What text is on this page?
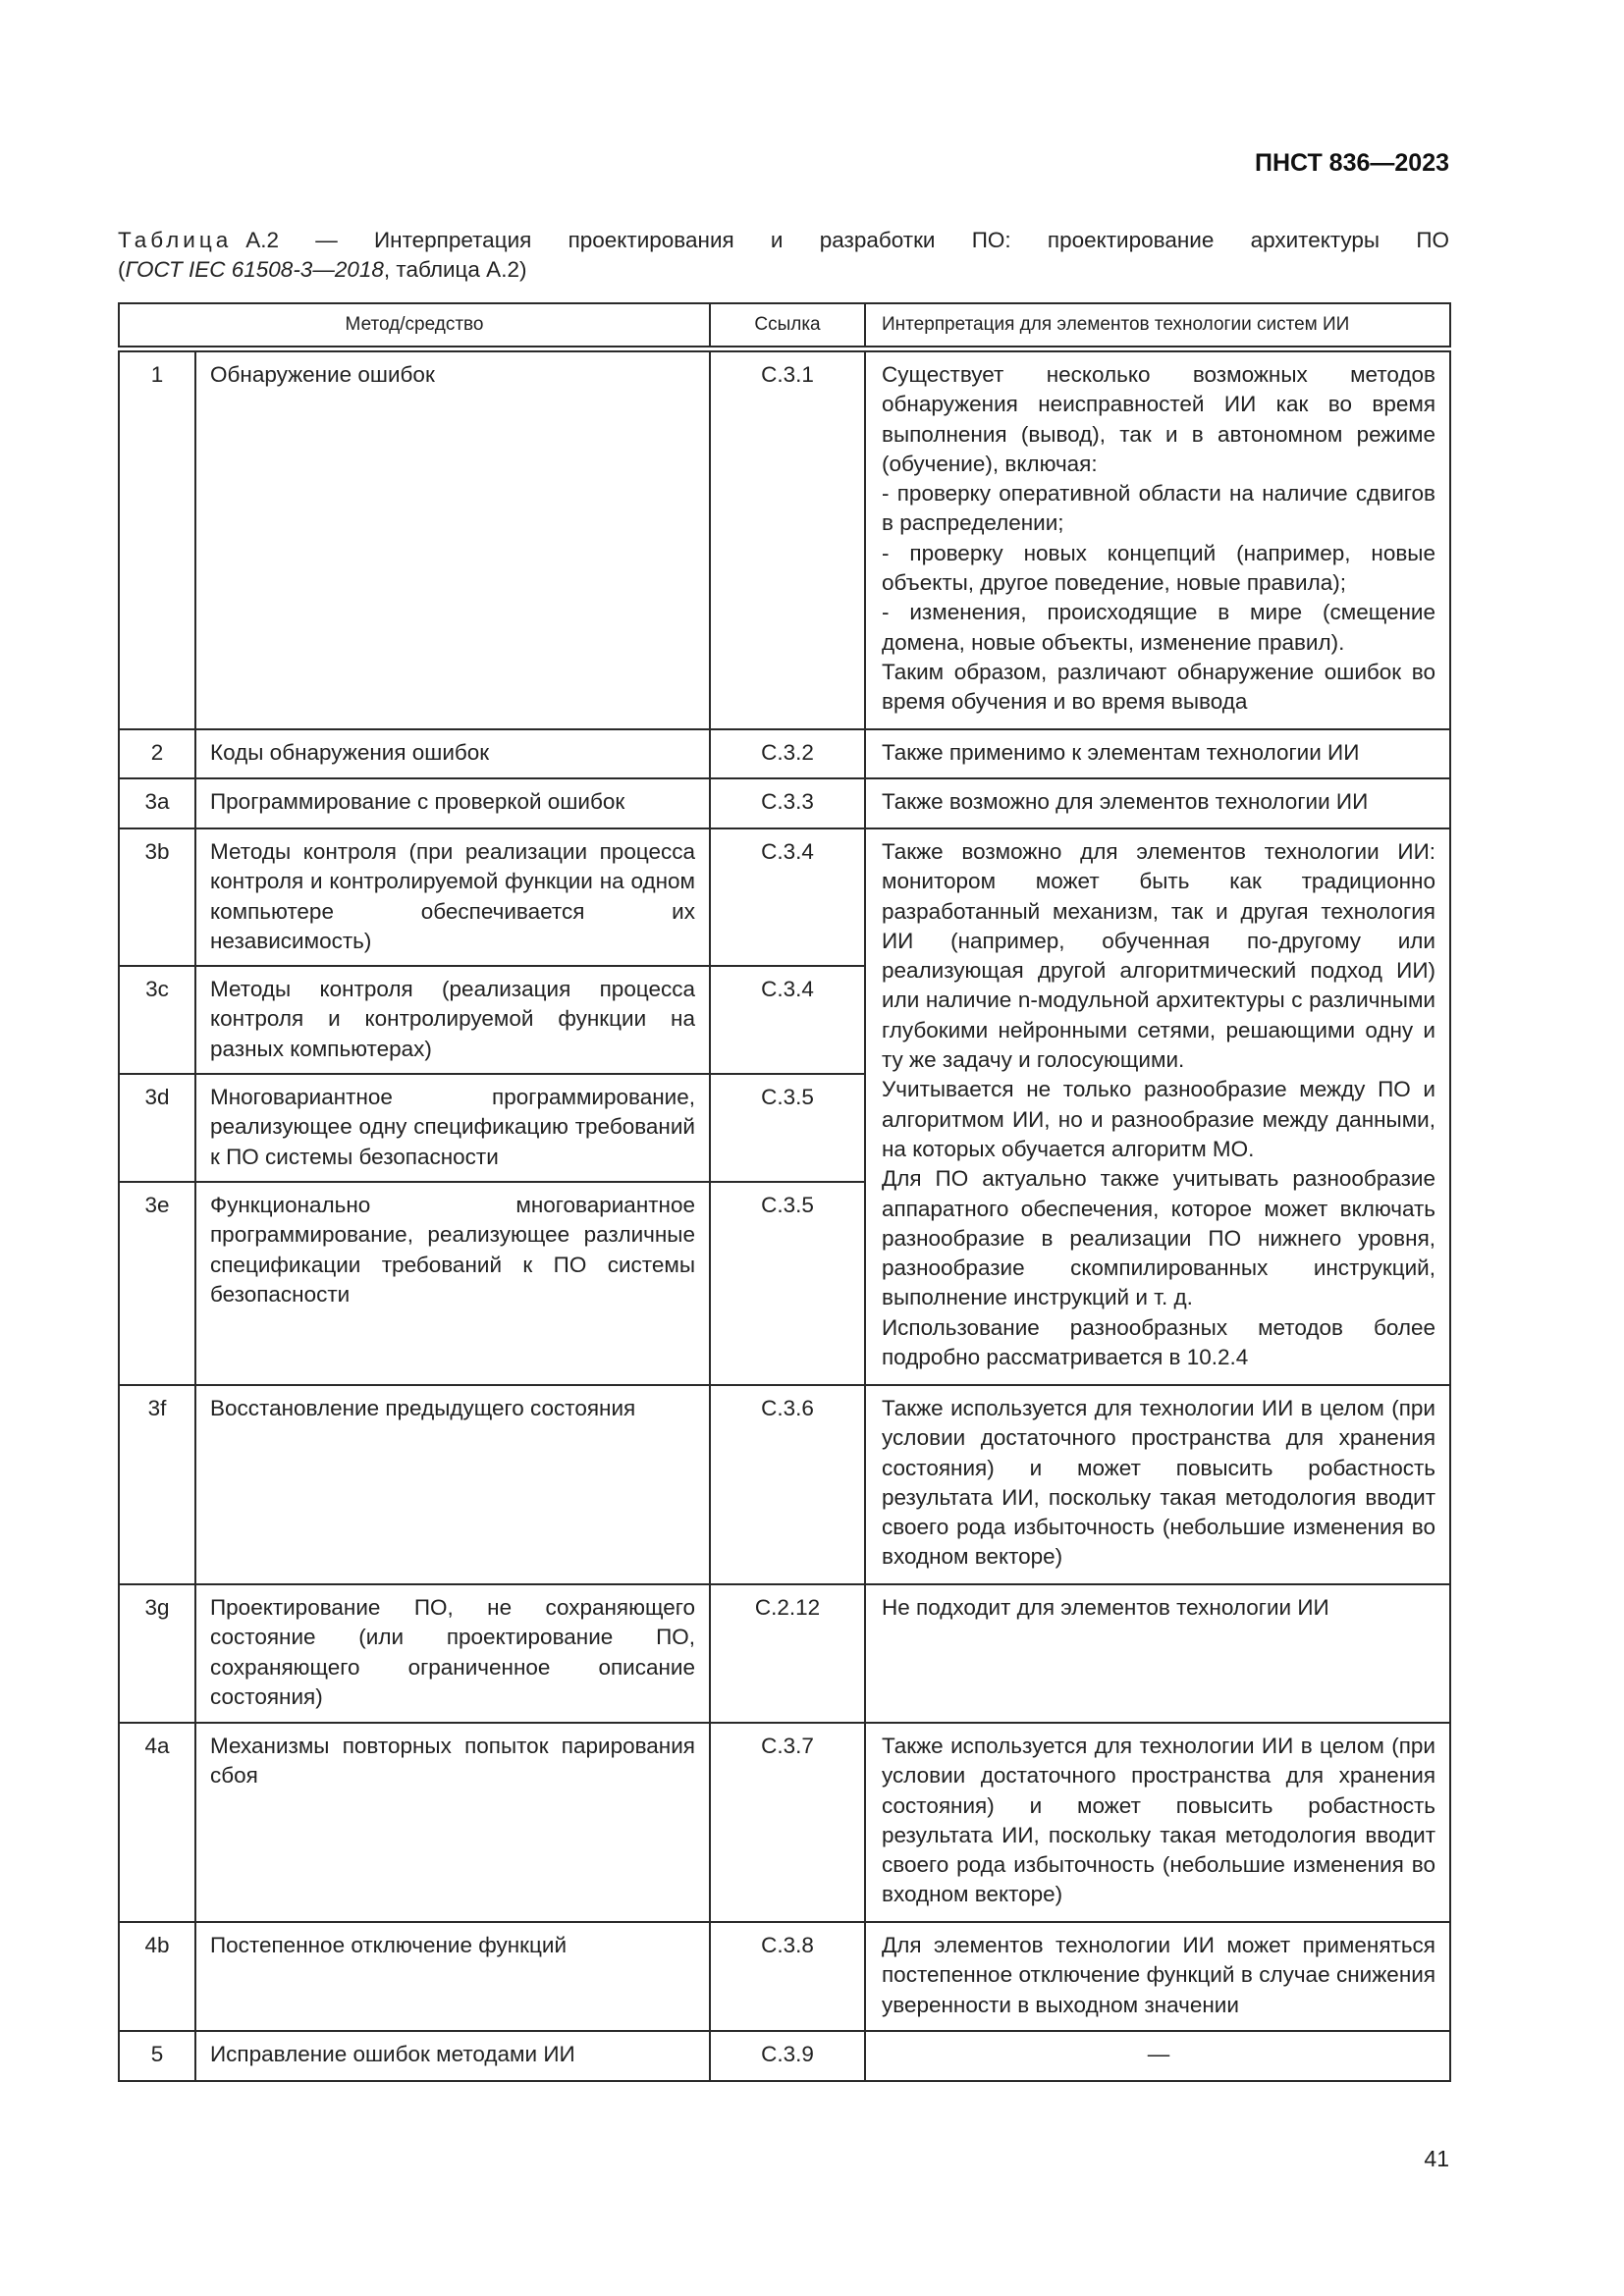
ПНСТ 836—2023
Таблица А.2 — Интерпретация проектирования и разработки ПО: проектирование архитектуры ПО
(ГОСТ IEC 61508-3—2018, таблица А.2)
Метод/средство		Ссылка	Интерпретация для элементов технологии систем ИИ

1	Обнаружение ошибок	С.3.1	Существует несколько возможных методов обнаружения неисправностей ИИ как во время выполнения (вывод), так и в автономном режиме (обучение), включая:
- проверку оперативной области на наличие сдвигов в распределении;
- проверку новых концепций (например, новые объекты, другое поведение, новые правила);
- изменения, происходящие в мире (смещение домена, новые объекты, изменение правил).
Таким образом, различают обнаружение ошибок во время обучения и во время вывода
2	Коды обнаружения ошибок	С.3.2	Также применимо к элементам технологии ИИ
3a	Программирование с проверкой ошибок	С.3.3	Также возможно для элементов технологии ИИ
3b	Методы контроля (при реализации процесса контроля и контролируемой функции на одном компьютере обеспечивается их независимость)	С.3.4	Также возможно для элементов технологии ИИ: монитором может быть как традиционно разработанный механизм, так и другая технология ИИ (например, обученная по-другому или реализующая другой алгоритмический подход ИИ) или наличие n-модульной архитектуры с различными глубокими нейронными сетями, решающими одну и ту же задачу и голосующими.
Учитывается не только разнообразие между ПО и алгоритмом ИИ, но и разнообразие между данными, на которых обучается алгоритм МО.
Для ПО актуально также учитывать разнообразие аппаратного обеспечения, которое может включать разнообразие в реализации ПО нижнего уровня, разнообразие скомпилированных инструкций, выполнение инструкций и т. д.
Использование разнообразных методов более подробно рассматривается в 10.2.4
3c	Методы контроля (реализация процесса контроля и контролируемой функции на разных компьютерах)	С.3.4	
3d	Многовариантное программирование, реализующее одну спецификацию требований к ПО системы безопасности	С.3.5	
3e	Функционально многовариантное программирование, реализующее различные спецификации требований к ПО системы безопасности	С.3.5	
3f	Восстановление предыдущего состояния	С.3.6	Также используется для технологии ИИ в целом (при условии достаточного пространства для хранения состояния) и может повысить робастность результата ИИ, поскольку такая методология вводит своего рода избыточность (небольшие изменения во входном векторе)
3g	Проектирование ПО, не сохраняющего состояние (или проектирование ПО, сохраняющего ограниченное описание состояния)	С.2.12	Не подходит для элементов технологии ИИ
4a	Механизмы повторных попыток парирования сбоя	С.3.7	Также используется для технологии ИИ в целом (при условии достаточного пространства для хранения состояния) и может повысить робастность результата ИИ, поскольку такая методология вводит своего рода избыточность (небольшие изменения во входном векторе)
4b	Постепенное отключение функций	С.3.8	Для элементов технологии ИИ может применяться постепенное отключение функций в случае снижения уверенности в выходном значении
5	Исправление ошибок методами ИИ	С.3.9	—
41
